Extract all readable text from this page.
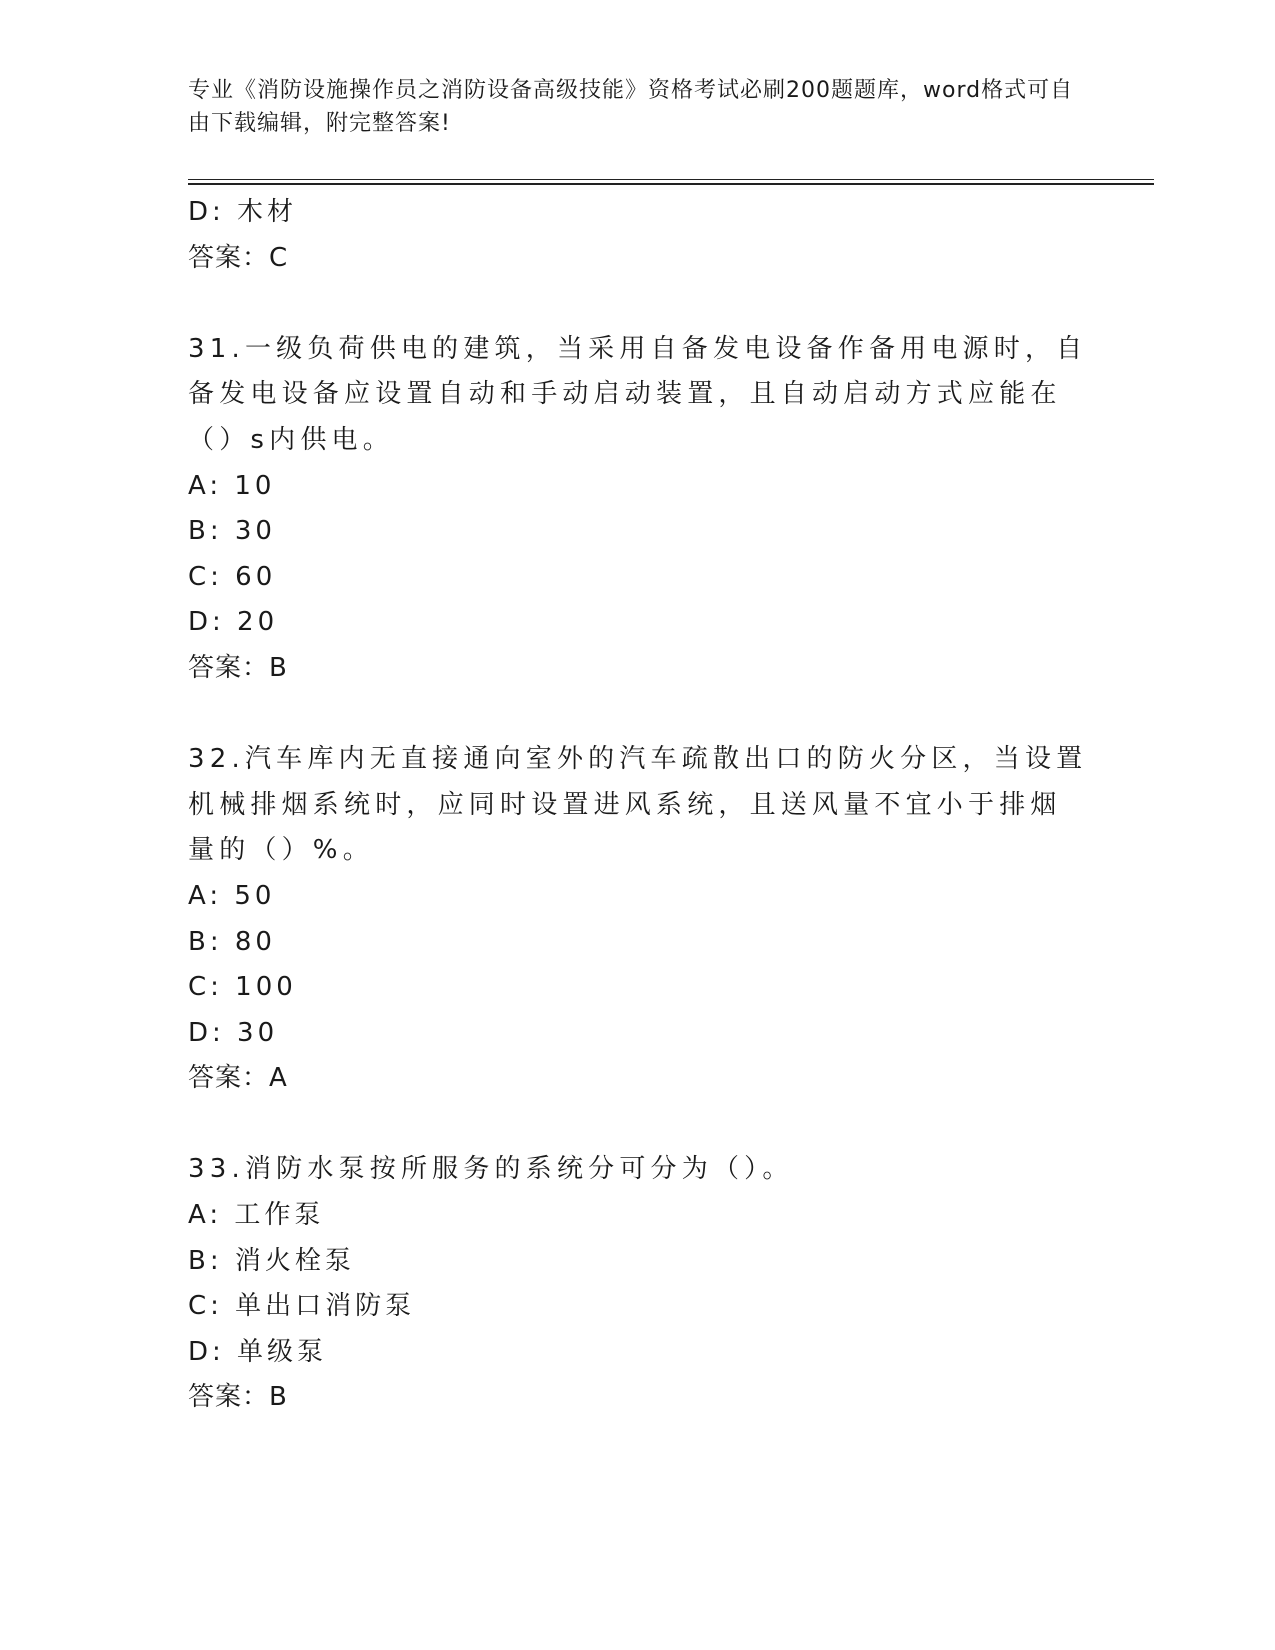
专业《消防设施操作员之消防设备高级技能》资格考试必刷200题题库，word格式可自由下载编辑，附完整答案!
D: 木材
答案：C
31.一级负荷供电的建筑，当采用自备发电设备作备用电源时，自备发电设备应设置自动和手动启动装置，且自动启动方式应能在（）s内供电。
A: 10
B: 30
C: 60
D: 20
答案：B
32.汽车库内无直接通向室外的汽车疏散出口的防火分区，当设置机械排烟系统时，应同时设置进风系统，且送风量不宜小于排烟量的（）%。
A: 50
B: 80
C: 100
D: 30
答案：A
33.消防水泵按所服务的系统分可分为（）。
A: 工作泵
B: 消火栓泵
C: 单出口消防泵
D: 单级泵
答案：B
